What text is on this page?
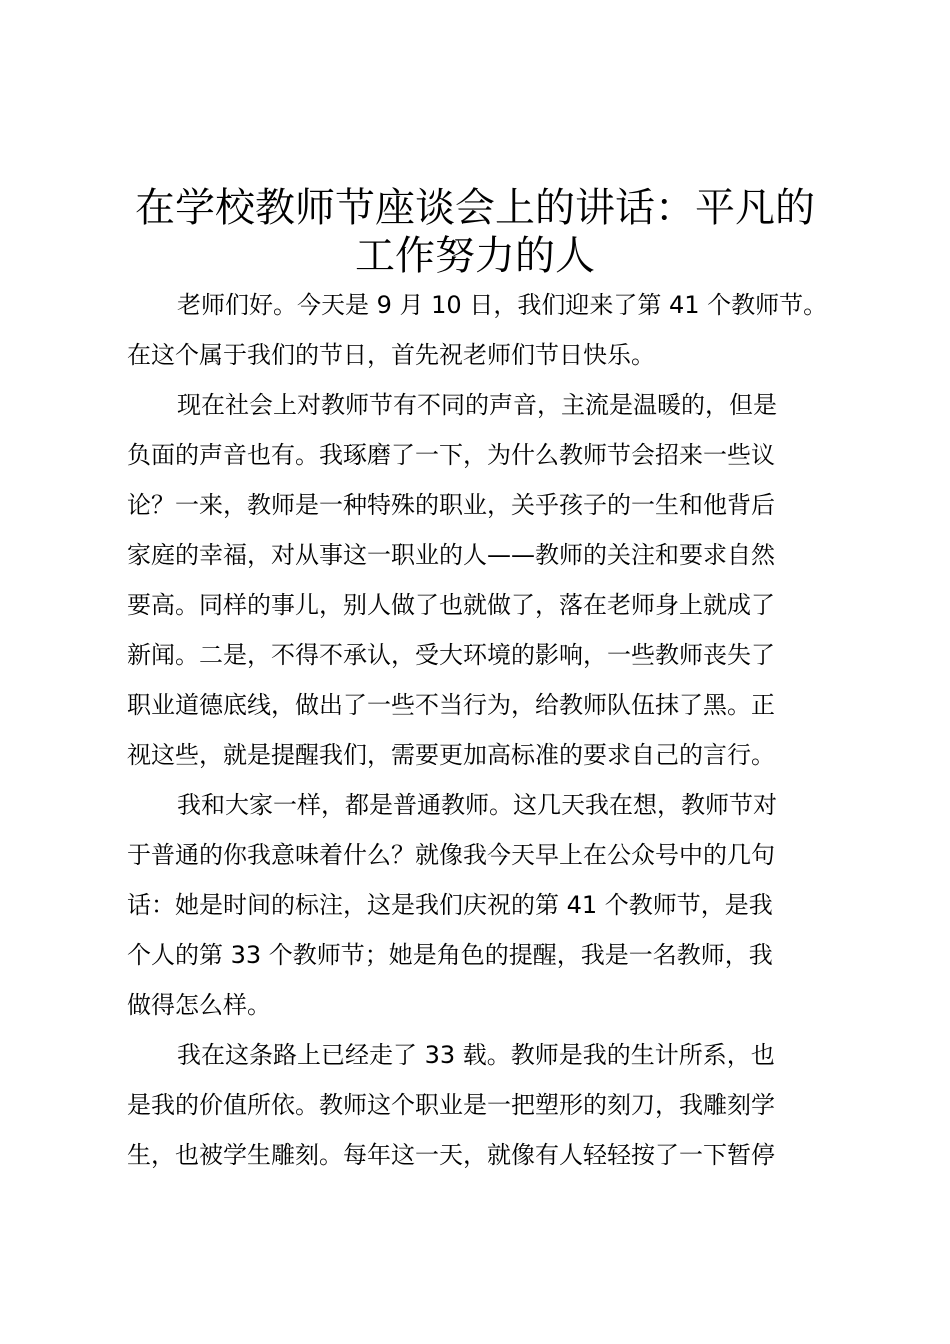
在学校教师节座谈会上的讲话：平凡的
工作努力的人
老师们好。今天是 9 月 10 日，我们迎来了第 41 个教师节。
在这个属于我们的节日，首先祝老师们节日快乐。
现在社会上对教师节有不同的声音，主流是温暖的，但是
负面的声音也有。我琢磨了一下，为什么教师节会招来一些议
论？一来，教师是一种特殊的职业，关乎孩子的一生和他背后
家庭的幸福，对从事这一职业的人——教师的关注和要求自然
要高。同样的事儿，别人做了也就做了，落在老师身上就成了
新闻。二是，不得不承认，受大环境的影响，一些教师丧失了
职业道德底线，做出了一些不当行为，给教师队伍抹了黑。正
视这些，就是提醒我们，需要更加高标准的要求自己的言行。
我和大家一样，都是普通教师。这几天我在想，教师节对
于普通的你我意味着什么？就像我今天早上在公众号中的几句
话：她是时间的标注，这是我们庆祝的第 41 个教师节，是我
个人的第 33 个教师节；她是角色的提醒，我是一名教师，我
做得怎么样。
我在这条路上已经走了 33 载。教师是我的生计所系，也
是我的价值所依。教师这个职业是一把塑形的刻刀，我雕刻学
生，也被学生雕刻。每年这一天，就像有人轻轻按了一下暂停
